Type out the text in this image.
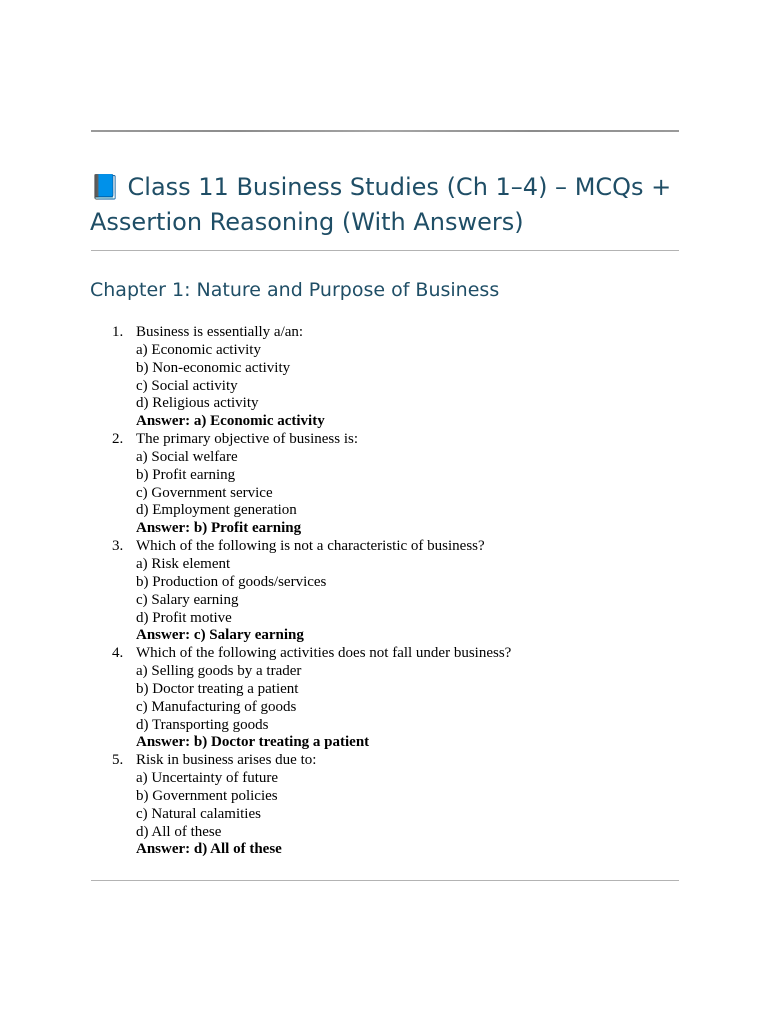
📘 Class 11 Business Studies (Ch 1–4) – MCQs + Assertion Reasoning (With Answers)
Chapter 1: Nature and Purpose of Business
1. Business is essentially a/an:
a) Economic activity
b) Non-economic activity
c) Social activity
d) Religious activity
Answer: a) Economic activity
2. The primary objective of business is:
a) Social welfare
b) Profit earning
c) Government service
d) Employment generation
Answer: b) Profit earning
3. Which of the following is not a characteristic of business?
a) Risk element
b) Production of goods/services
c) Salary earning
d) Profit motive
Answer: c) Salary earning
4. Which of the following activities does not fall under business?
a) Selling goods by a trader
b) Doctor treating a patient
c) Manufacturing of goods
d) Transporting goods
Answer: b) Doctor treating a patient
5. Risk in business arises due to:
a) Uncertainty of future
b) Government policies
c) Natural calamities
d) All of these
Answer: d) All of these
